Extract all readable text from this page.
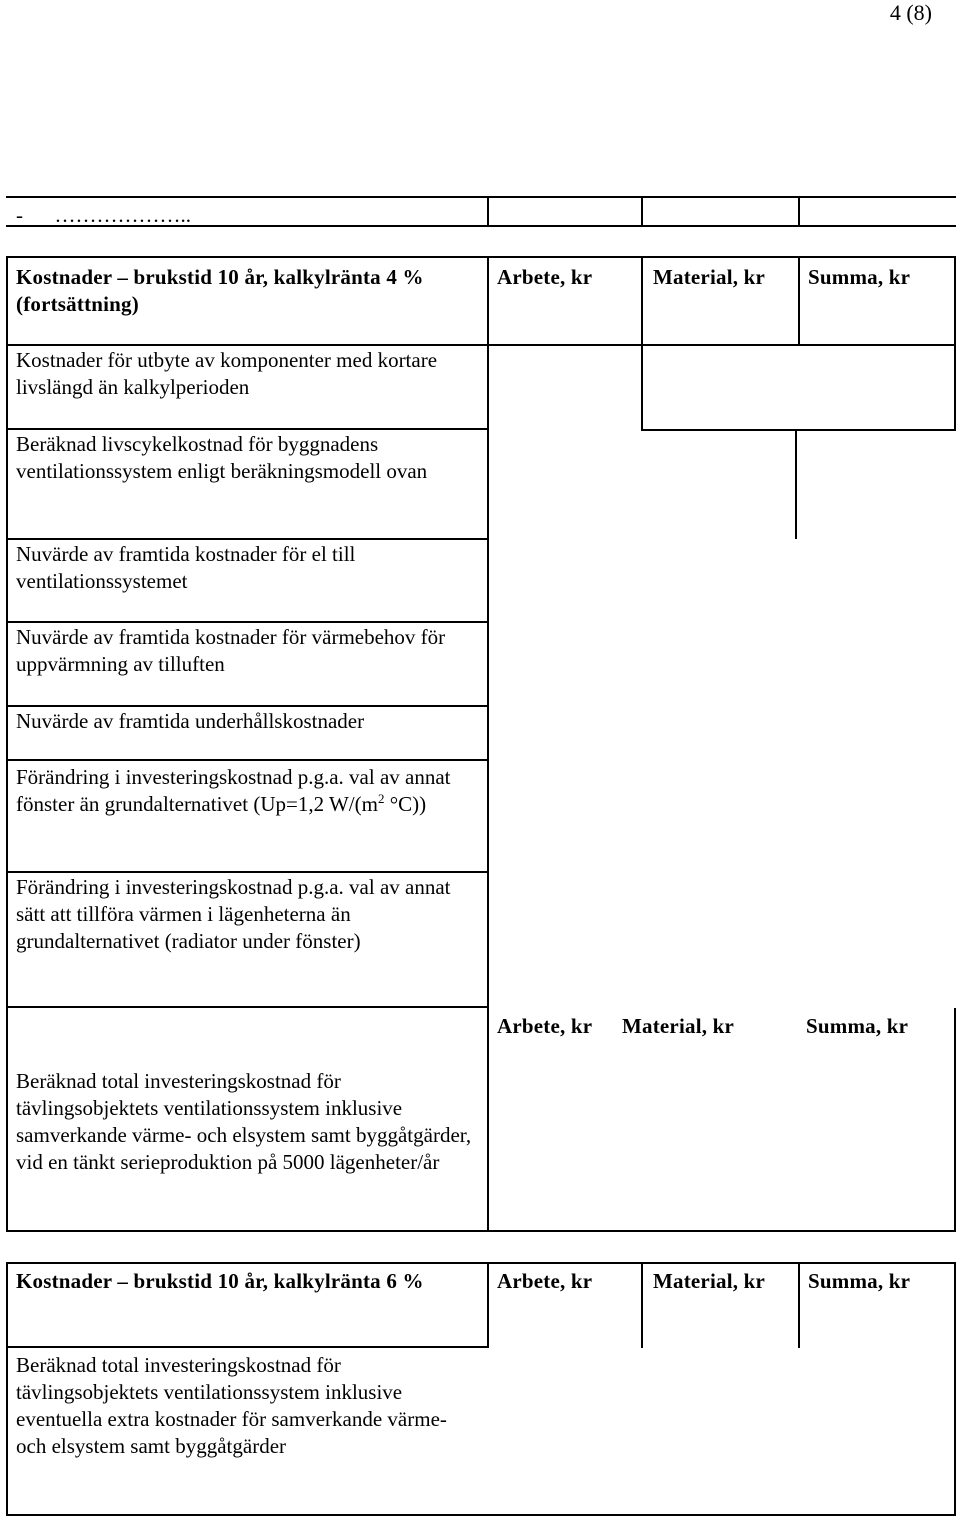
4 (8)
- ………………..
Kostnader – brukstid 10 år, kalkylränta 4 % (fortsättning)
Arbete, kr	Material, kr	Summa, kr
Kostnader för utbyte av komponenter med kortare livslängd än kalkylperioden
Beräknad livscykelkostnad för byggnadens ventilationssystem enligt beräkningsmodell ovan
Nuvärde av framtida kostnader för el till ventilationssystemet
Nuvärde av framtida kostnader för värmebehov för uppvärmning av tilluften
Nuvärde av framtida underhållskostnader
Förändring i investeringskostnad p.g.a. val av annat fönster än grundalternativet (Up=1,2 $W/(m^2$ °C))
Förändring i investeringskostnad p.g.a. val av annat sätt att tillföra värmen i lägenheterna än grundalternativet (radiator under fönster)
Arbete, kr	Material, kr	Summa, kr
Beräknad total investeringskostnad för tävlingsobjektets ventilationssystem inklusive samverkande värme- och elsystem samt byggåtgärder, vid en tänkt serieproduktion på 5000 lägenheter/år
Kostnader – brukstid 10 år, kalkylränta 6 %	Arbete, kr	Material, kr	Summa, kr
Beräknad total investeringskostnad för tävlingsobjektets ventilationssystem inklusive eventuella extra kostnader för samverkande värme- och elsystem samt byggåtgärder
